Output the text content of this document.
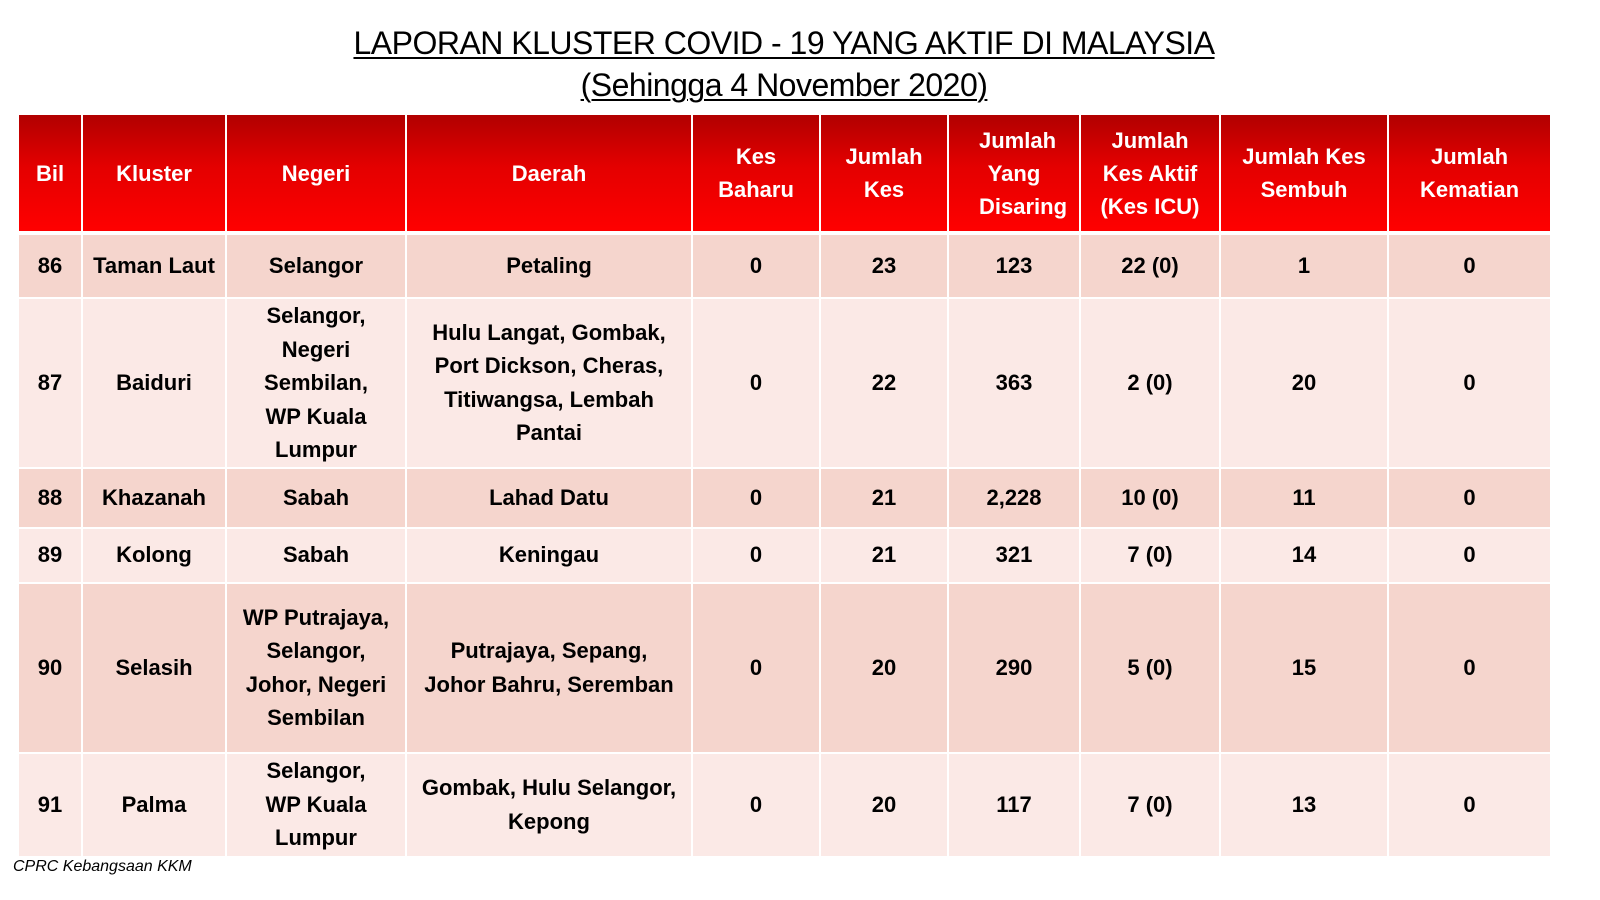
LAPORAN KLUSTER COVID - 19 YANG AKTIF DI MALAYSIA
(Sehingga 4 November 2020)
Bil	Kluster	Negeri	Daerah	Kes Baharu	Jumlah Kes	Jumlah Yang Disaring	Jumlah Kes Aktif (Kes ICU)	Jumlah Kes Sembuh	Jumlah Kematian
86	Taman Laut	Selangor	Petaling	0	23	123	22 (0)	1	0
87	Baiduri	Selangor, Negeri Sembilan, WP Kuala Lumpur	Hulu Langat, Gombak, Port Dickson, Cheras, Titiwangsa, Lembah Pantai	0	22	363	2 (0)	20	0
88	Khazanah	Sabah	Lahad Datu	0	21	2,228	10 (0)	11	0
89	Kolong	Sabah	Keningau	0	21	321	7 (0)	14	0
90	Selasih	WP Putrajaya, Selangor, Johor, Negeri Sembilan	Putrajaya, Sepang, Johor Bahru, Seremban	0	20	290	5 (0)	15	0
91	Palma	Selangor, WP Kuala Lumpur	Gombak, Hulu Selangor, Kepong	0	20	117	7 (0)	13	0
CPRC Kebangsaan KKM
